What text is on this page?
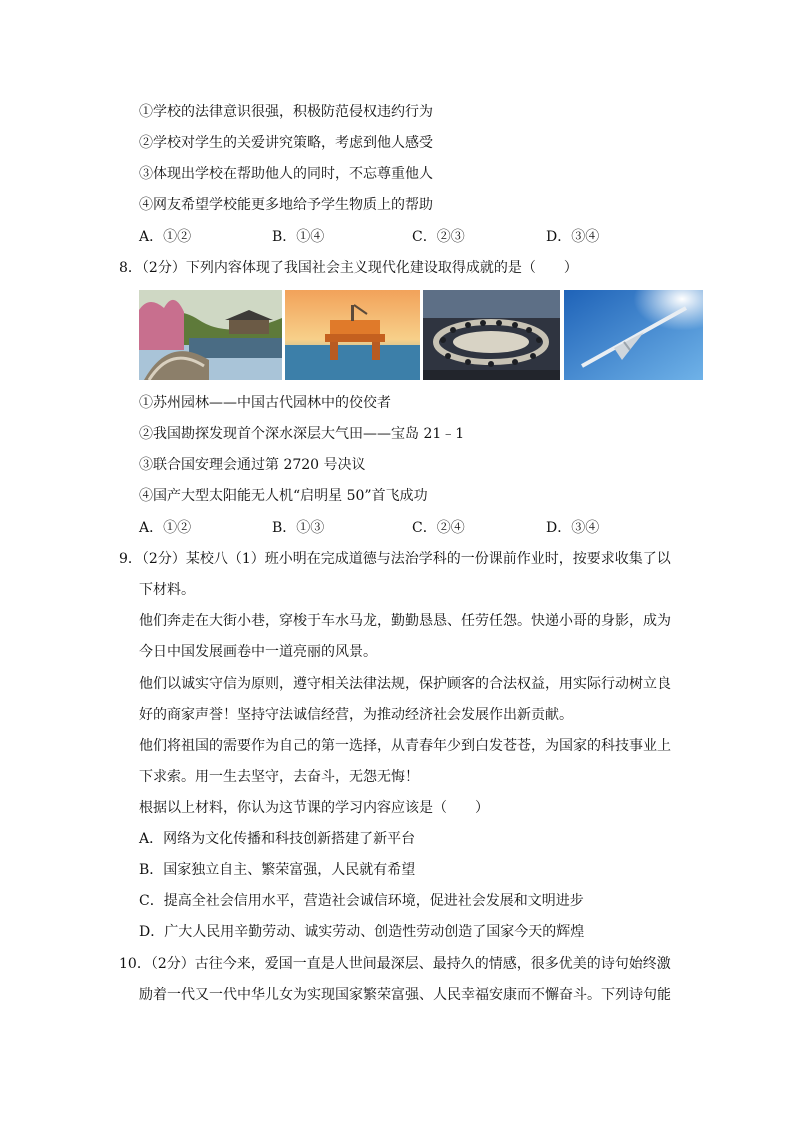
①学校的法律意识很强，积极防范侵权违约行为
②学校对学生的关爱讲究策略，考虑到他人感受
③体现出学校在帮助他人的同时，不忘尊重他人
④网友希望学校能更多地给予学生物质上的帮助
A．①②	B．①④	C．②③	D．③④
8．（2分）下列内容体现了我国社会主义现代化建设取得成就的是（　　）
①苏州园林——中国古代园林中的佼佼者
②我国勘探发现首个深水深层大气田——宝岛 21﹣1
③联合国安理会通过第 2720 号决议
④国产大型太阳能无人机“启明星 50”首飞成功
A．①②	B．①③	C．②④	D．③④
9．（2分）某校八（1）班小明在完成道德与法治学科的一份课前作业时，按要求收集了以
下材料。
他们奔走在大街小巷，穿梭于车水马龙，勤勤恳恳、任劳任怨。快递小哥的身影，成为
今日中国发展画卷中一道亮丽的风景。
他们以诚实守信为原则，遵守相关法律法规，保护顾客的合法权益，用实际行动树立良
好的商家声誉！坚持守法诚信经营，为推动经济社会发展作出新贡献。
他们将祖国的需要作为自己的第一选择，从青春年少到白发苍苍，为国家的科技事业上
下求索。用一生去坚守，去奋斗，无怨无悔！
根据以上材料，你认为这节课的学习内容应该是（　　）
A．网络为文化传播和科技创新搭建了新平台
B．国家独立自主、繁荣富强，人民就有希望
C．提高全社会信用水平，营造社会诚信环境，促进社会发展和文明进步
D．广大人民用辛勤劳动、诚实劳动、创造性劳动创造了国家今天的辉煌
10．（2分）古往今来，爱国一直是人世间最深层、最持久的情感，很多优美的诗句始终激
励着一代又一代中华儿女为实现国家繁荣富强、人民幸福安康而不懈奋斗。下列诗句能
